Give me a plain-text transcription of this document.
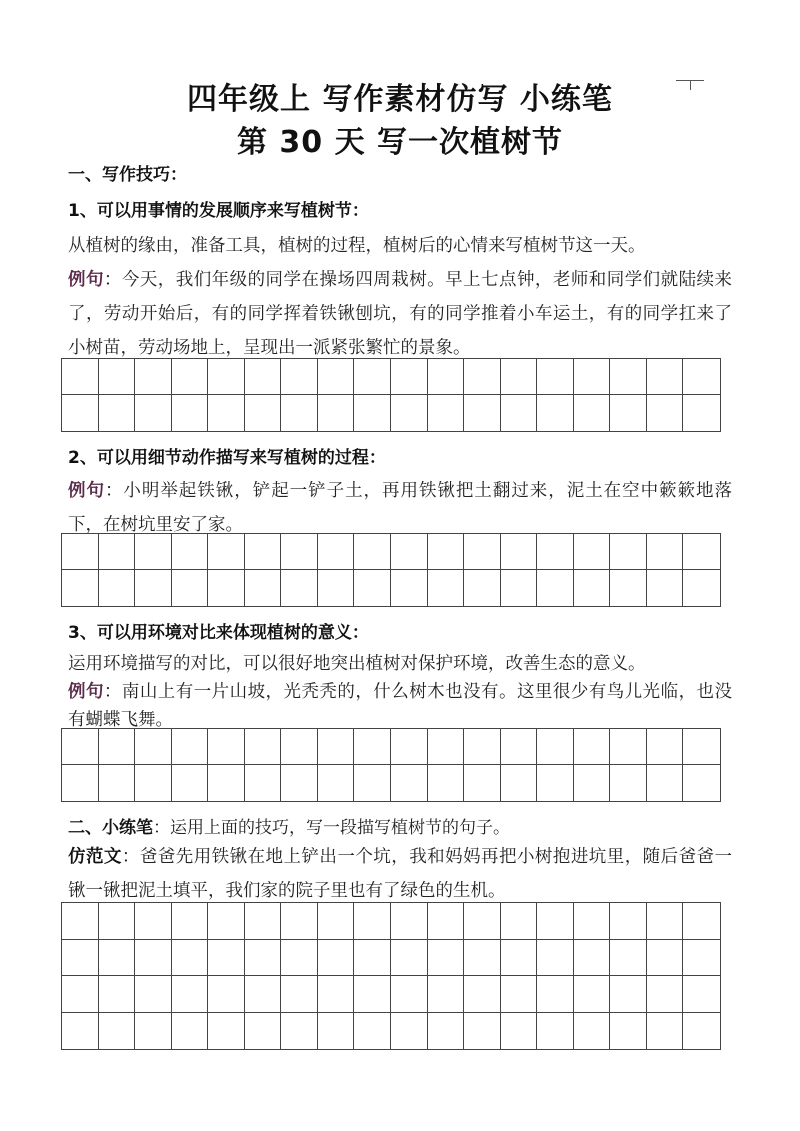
四年级上 写作素材仿写 小练笔
第 30 天 写一次植树节

一、写作技巧：

1、可以用事情的发展顺序来写植树节：

从植树的缘由，准备工具，植树的过程，植树后的心情来写植树节这一天。

例句：今天，我们年级的同学在操场四周栽树。早上七点钟，老师和同学们就陆续来了，劳动开始后，有的同学挥着铁锹刨坑，有的同学推着小车运土，有的同学扛来了小树苗，劳动场地上，呈现出一派紧张繁忙的景象。

2、可以用细节动作描写来写植树的过程：

例句：小明举起铁锹，铲起一铲子土，再用铁锹把土翻过来，泥土在空中簌簌地落下，在树坑里安了家。

3、可以用环境对比来体现植树的意义：

运用环境描写的对比，可以很好地突出植树对保护环境，改善生态的意义。

例句：南山上有一片山坡，光秃秃的，什么树木也没有。这里很少有鸟儿光临，也没有蝴蝶飞舞。

二、小练笔：运用上面的技巧，写一段描写植树节的句子。

仿范文：爸爸先用铁锹在地上铲出一个坑，我和妈妈再把小树抱进坑里，随后爸爸一锹一锹把泥土填平，我们家的院子里也有了绿色的生机。
